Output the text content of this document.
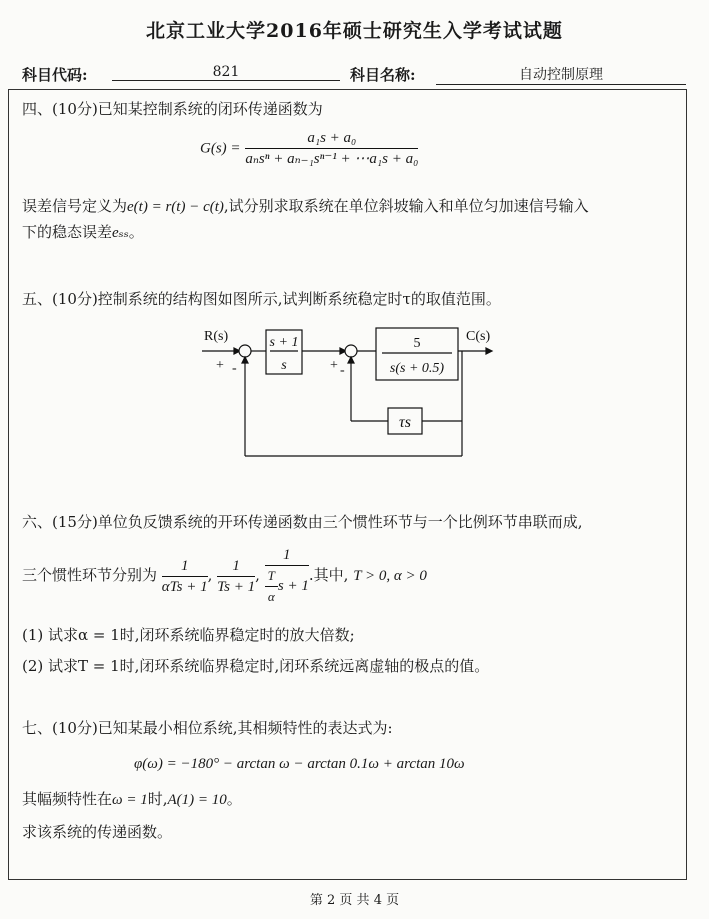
北京工业大学2016年硕士研究生入学考试试题
科目代码:	821	科目名称:	自动控制原理
四、(10分)已知某控制系统的闭环传递函数为
$G(s) = \frac{\text{a₁s + a₀}}{\text{aₙsⁿ + aₙ₋₁sⁿ⁻¹ + ⋯a₁s + a₀}}$
误差信号定义为e(t) = r(t) − c(t),试分别求取系统在单位斜坡输入和单位匀加速信号输入
下的稳态误差eₛₛ。
五、(10分)控制系统的结构图如图所示,试判断系统稳定时τ的取值范围。
R(s)	C(s)
s + 1
s
5
s(s + 0.5)
τs
+ -	+ -
六、(15分)单位负反馈系统的开环传递函数由三个惯性环节与一个比例环节串联而成,
三个惯性环节分别为 $\frac{1}{\text{αTs + 1}}$ , $\frac{1}{Ts + 1}$ , $\frac{1}{\frac{T}{\alpha} s + 1}$ .其中, T > 0, α > 0
(1) 试求α = 1时,闭环系统临界稳定时的放大倍数;
(2) 试求T = 1时,闭环系统临界稳定时,闭环系统远离虚轴的极点的值。
七、(10分)已知某最小相位系统,其相频特性的表达式为:
φ(ω) = −180° − arctan ω − arctan 0.1ω + arctan 10ω
其幅频特性在ω = 1时,A(1) = 10。
求该系统的传递函数。
第 2 页 共 4 页
